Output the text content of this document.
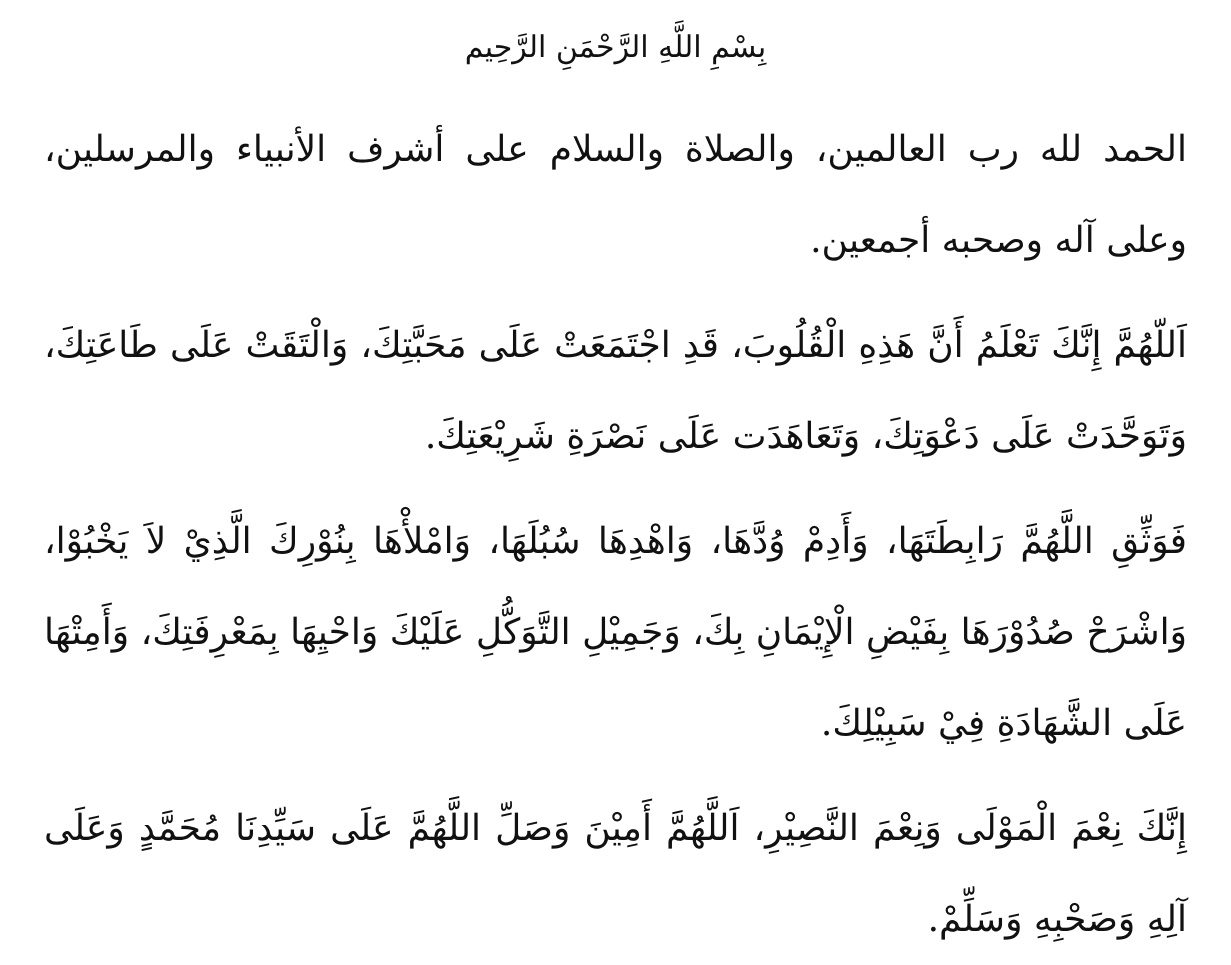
بِسْمِ اللَّهِ الرَّحْمَنِ الرَّحِيم

الحمد لله رب العالمين، والصلاة والسلام على أشرف الأنبياء والمرسلين، وعلى آله وصحبه أجمعين.

اَللّهُمَّ إِنَّكَ تَعْلَمُ أَنَّ هَذِهِ الْقُلُوبَ، قَدِ اجْتَمَعَتْ عَلَى مَحَبَّتِكَ، وَالْتَقَتْ عَلَى طَاعَتِكَ، وَتَوَحَّدَتْ عَلَى دَعْوَتِكَ، وَتَعَاهَدَت عَلَى نَصْرَةِ شَرِيْعَتِكَ.

فَوَثِّقِ اللَّهُمَّ رَابِطَتَهَا، وَأَدِمْ وُدَّهَا، وَاهْدِهَا سُبُلَهَا، وَامْلأْهَا بِنُوْرِكَ الَّذِيْ لاَ يَخْبُوْا، وَاشْرَحْ صُدُوْرَهَا بِفَيْضِ الْإِيْمَانِ بِكَ، وَجَمِيْلِ التَّوَكُّلِ عَلَيْكَ وَاحْيِهَا بِمَعْرِفَتِكَ، وَأَمِتْهَا عَلَى الشَّهَادَةِ فِيْ سَبِيْلِكَ.

إِنَّكَ نِعْمَ الْمَوْلَى وَنِعْمَ النَّصِيْرِ، اَللَّهُمَّ أَمِيْنَ وَصَلِّ اللَّهُمَّ عَلَى سَيِّدِنَا مُحَمَّدٍ وَعَلَى آلِهِ وَصَحْبِهِ وَسَلِّمْ.
